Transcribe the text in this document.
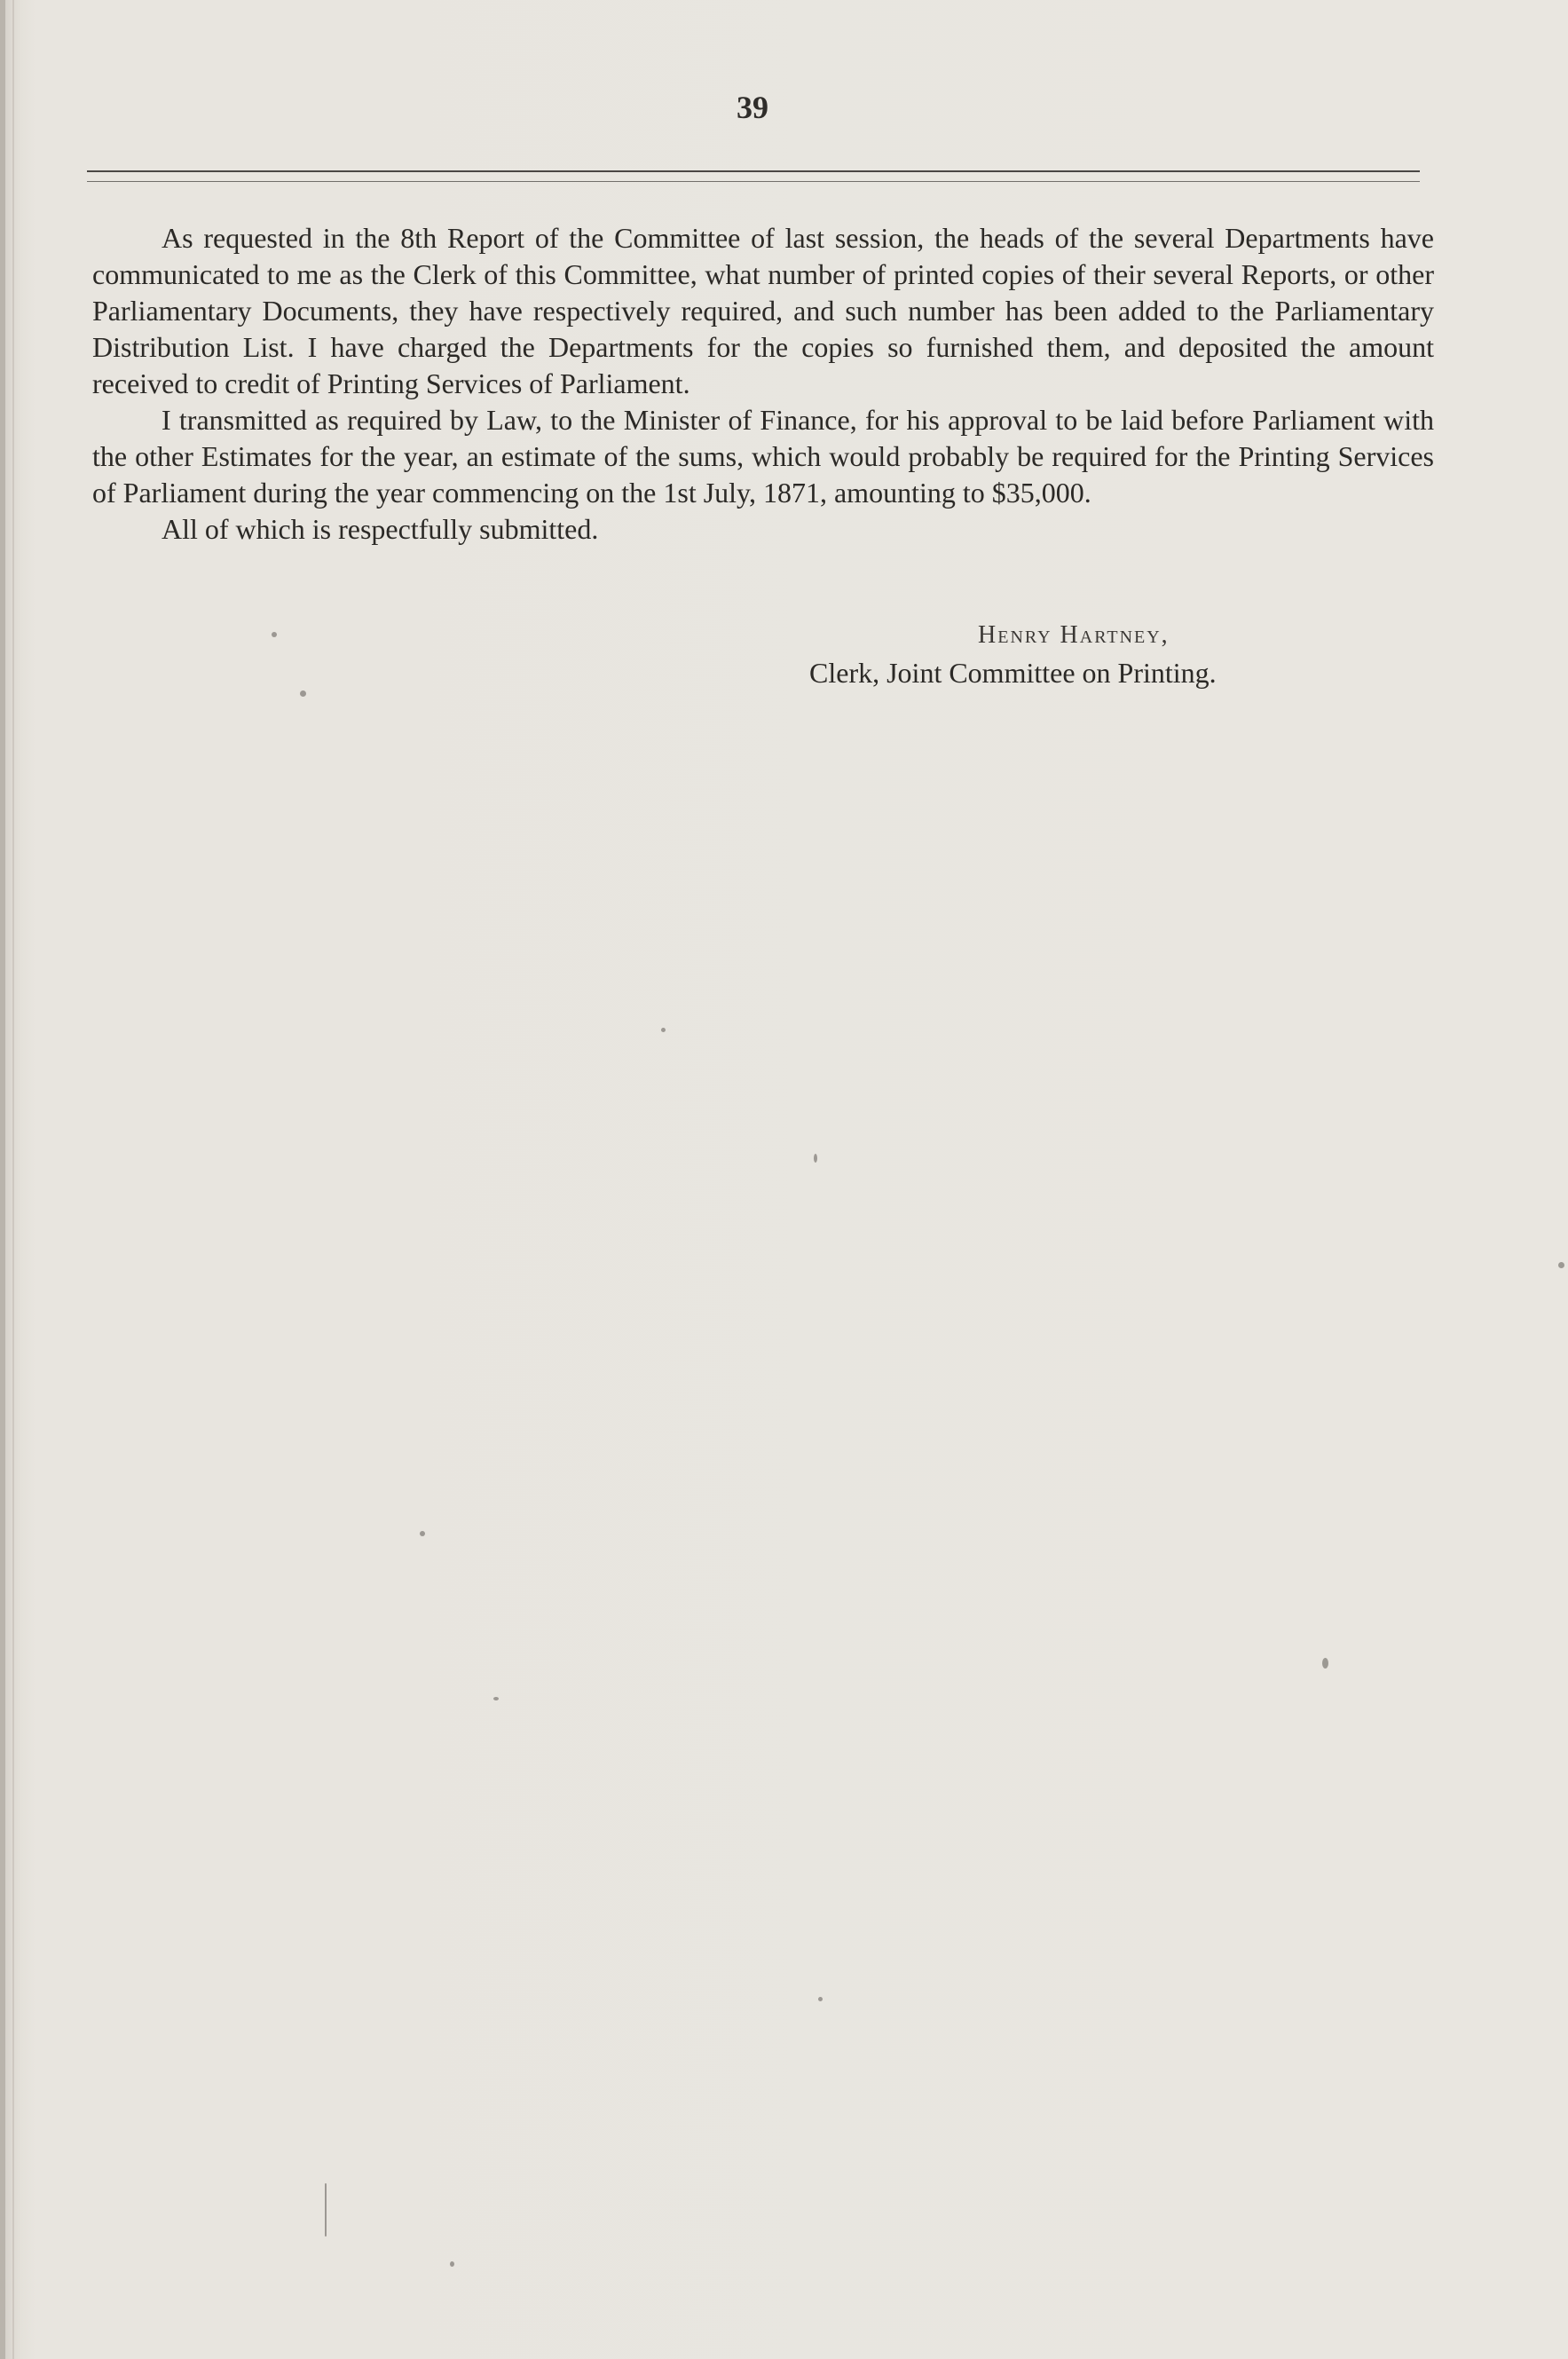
39

As requested in the 8th Report of the Committee of last session, the heads of the several Departments have communicated to me as the Clerk of this Committee, what number of printed copies of their several Reports, or other Parliamentary Documents, they have respectively required, and such number has been added to the Parliamentary Distribution List. I have charged the Departments for the copies so furnished them, and deposited the amount received to credit of Printing Services of Parliament.

I transmitted as required by Law, to the Minister of Finance, for his approval to be laid before Parliament with the other Estimates for the year, an estimate of the sums, which would probably be required for the Printing Services of Parliament during the year commencing on the 1st July, 1871, amounting to $35,000.

All of which is respectfully submitted.

Henry Hartney,
Clerk, Joint Committee on Printing.
